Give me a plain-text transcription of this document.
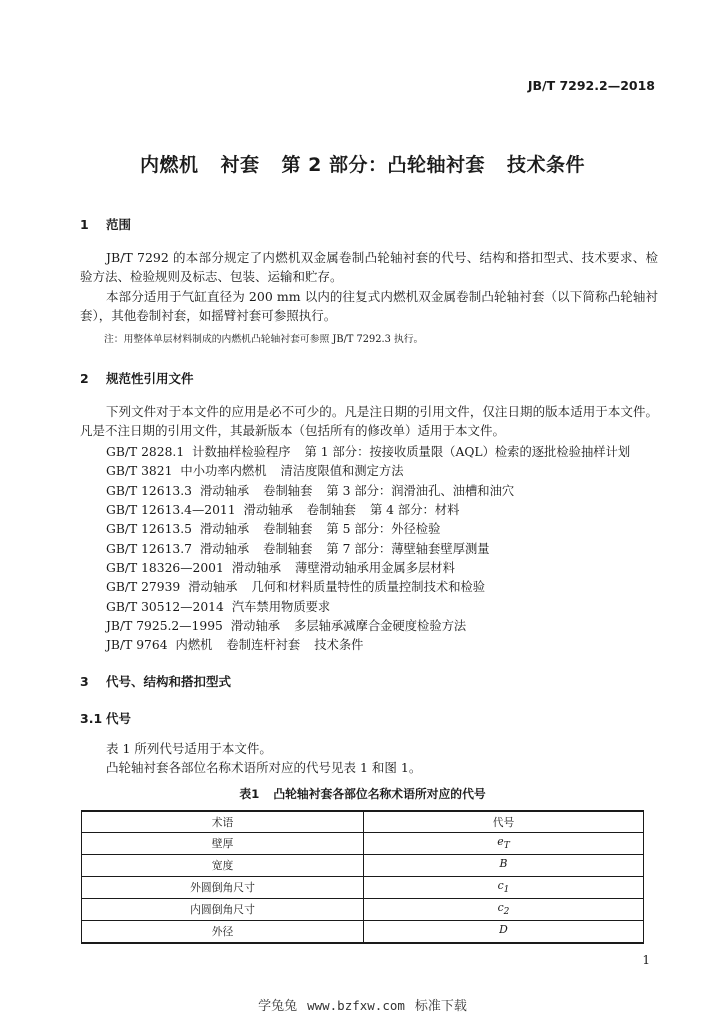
JB/T 7292.2—2018
内燃机 衬套 第 2 部分：凸轮轴衬套 技术条件
1 范围
JB/T 7292 的本部分规定了内燃机双金属卷制凸轮轴衬套的代号、结构和搭扣型式、技术要求、检验方法、检验规则及标志、包装、运输和贮存。
本部分适用于气缸直径为 200 mm 以内的往复式内燃机双金属卷制凸轮轴衬套（以下简称凸轮轴衬套），其他卷制衬套，如摇臂衬套可参照执行。
注：用整体单层材料制成的内燃机凸轮轴衬套可参照 JB/T 7292.3 执行。
2 规范性引用文件
下列文件对于本文件的应用是必不可少的。凡是注日期的引用文件，仅注日期的版本适用于本文件。凡是不注日期的引用文件，其最新版本（包括所有的修改单）适用于本文件。
GB/T 2828.1 计数抽样检验程序 第 1 部分：按接收质量限（AQL）检索的逐批检验抽样计划
GB/T 3821 中小功率内燃机 清洁度限值和测定方法
GB/T 12613.3 滑动轴承 卷制轴套 第 3 部分：润滑油孔、油槽和油穴
GB/T 12613.4—2011 滑动轴承 卷制轴套 第 4 部分：材料
GB/T 12613.5 滑动轴承 卷制轴套 第 5 部分：外径检验
GB/T 12613.7 滑动轴承 卷制轴套 第 7 部分：薄壁轴套壁厚测量
GB/T 18326—2001 滑动轴承 薄壁滑动轴承用金属多层材料
GB/T 27939 滑动轴承 几何和材料质量特性的质量控制技术和检验
GB/T 30512—2014 汽车禁用物质要求
JB/T 7925.2—1995 滑动轴承 多层轴承减摩合金硬度检验方法
JB/T 9764 内燃机 卷制连杆衬套 技术条件
3 代号、结构和搭扣型式
3.1 代号
表 1 所列代号适用于本文件。
凸轮轴衬套各部位名称术语所对应的代号见表 1 和图 1。
表1 凸轮轴衬套各部位名称术语所对应的代号
术语	代号
壁厚	$e_T$
宽度	B
外圆倒角尺寸	$c_1$
内圆倒角尺寸	$c_2$
外径	D
1
学兔兔 www.bzfxw.com 标准下载
